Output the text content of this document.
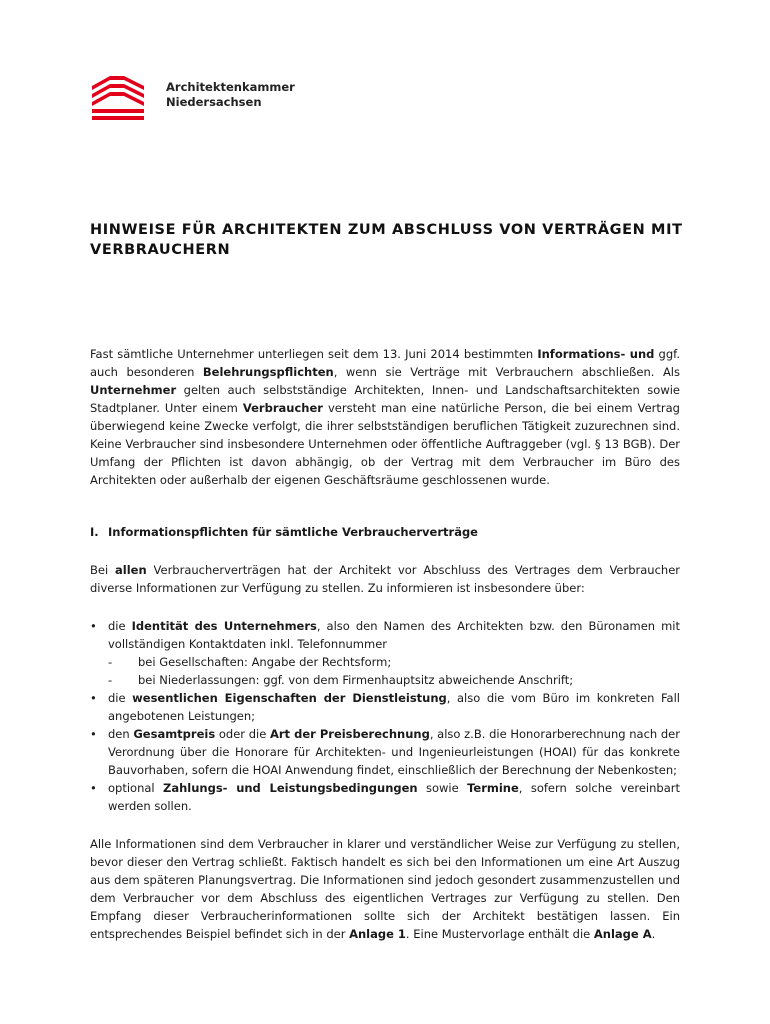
Architektenkammer
Niedersachsen
HINWEISE FÜR ARCHITEKTEN ZUM ABSCHLUSS VON VERTRÄGEN MIT VERBRAUCHERN

Fast sämtliche Unternehmer unterliegen seit dem 13. Juni 2014 bestimmten Informations- und ggf. auch besonderen Belehrungspflichten, wenn sie Verträge mit Verbrauchern abschließen. Als Unternehmer gelten auch selbstständige Architekten, Innen- und Landschaftsarchitekten sowie Stadtplaner. Unter einem Verbraucher versteht man eine natürliche Person, die bei einem Vertrag überwiegend keine Zwecke verfolgt, die ihrer selbstständigen beruflichen Tätigkeit zuzurechnen sind. Keine Verbraucher sind insbesondere Unternehmen oder öffentliche Auftraggeber (vgl. § 13 BGB). Der Umfang der Pflichten ist davon abhängig, ob der Vertrag mit dem Verbraucher im Büro des Architekten oder außerhalb der eigenen Geschäftsräume geschlossenen wurde.

I. Informationspflichten für sämtliche Verbraucherverträge

Bei allen Verbraucherverträgen hat der Architekt vor Abschluss des Vertrages dem Verbraucher diverse Informationen zur Verfügung zu stellen. Zu informieren ist insbesondere über:

• die Identität des Unternehmers, also den Namen des Architekten bzw. den Büronamen mit vollständigen Kontaktdaten inkl. Telefonnummer
- bei Gesellschaften: Angabe der Rechtsform;
- bei Niederlassungen: ggf. von dem Firmenhauptsitz abweichende Anschrift;
• die wesentlichen Eigenschaften der Dienstleistung, also die vom Büro im konkreten Fall angebotenen Leistungen;
• den Gesamtpreis oder die Art der Preisberechnung, also z.B. die Honorarberechnung nach der Verordnung über die Honorare für Architekten- und Ingenieurleistungen (HOAI) für das konkrete Bauvorhaben, sofern die HOAI Anwendung findet, einschließlich der Berechnung der Nebenkosten;
• optional Zahlungs- und Leistungsbedingungen sowie Termine, sofern solche vereinbart werden sollen.

Alle Informationen sind dem Verbraucher in klarer und verständlicher Weise zur Verfügung zu stellen, bevor dieser den Vertrag schließt. Faktisch handelt es sich bei den Informationen um eine Art Auszug aus dem späteren Planungsvertrag. Die Informationen sind jedoch gesondert zusammenzustellen und dem Verbraucher vor dem Abschluss des eigentlichen Vertrages zur Verfügung zu stellen. Den Empfang dieser Verbraucherinformationen sollte sich der Architekt bestätigen lassen. Ein entsprechendes Beispiel befindet sich in der Anlage 1. Eine Mustervorlage enthält die Anlage A.
